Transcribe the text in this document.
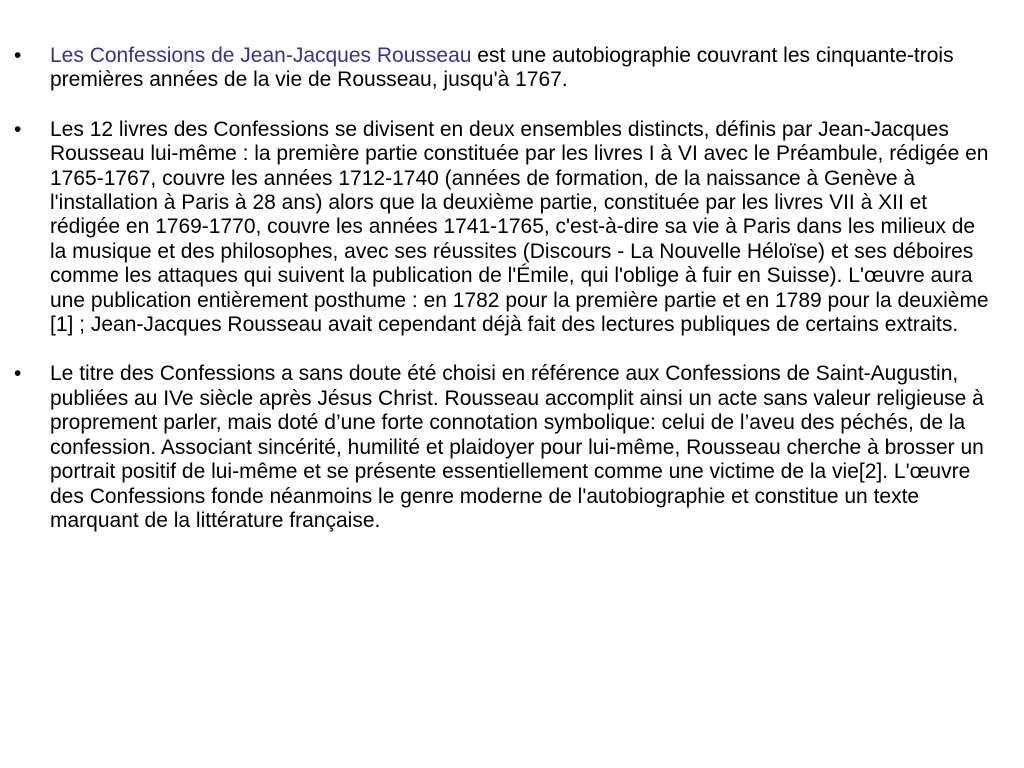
•	Les Confessions de Jean-Jacques Rousseau est une autobiographie couvrant les cinquante-trois premières années de la vie de Rousseau, jusqu'à 1767.
•	Les 12 livres des Confessions se divisent en deux ensembles distincts, définis par Jean-Jacques Rousseau lui-même : la première partie constituée par les livres I à VI avec le Préambule, rédigée en 1765-1767, couvre les années 1712-1740 (années de formation, de la naissance à Genève à l'installation à Paris à 28 ans) alors que la deuxième partie, constituée par les livres VII à XII et rédigée en 1769-1770, couvre les années 1741-1765, c'est-à-dire sa vie à Paris dans les milieux de la musique et des philosophes, avec ses réussites (Discours - La Nouvelle Héloïse) et ses déboires comme les attaques qui suivent la publication de l'Émile, qui l'oblige à fuir en Suisse). L'œuvre aura une publication entièrement posthume : en 1782 pour la première partie et en 1789 pour la deuxième [1] ; Jean-Jacques Rousseau avait cependant déjà fait des lectures publiques de certains extraits.
•	Le titre des Confessions a sans doute été choisi en référence aux Confessions de Saint-Augustin, publiées au IVe siècle après Jésus Christ. Rousseau accomplit ainsi un acte sans valeur religieuse à proprement parler, mais doté d’une forte connotation symbolique: celui de l’aveu des péchés, de la confession. Associant sincérité, humilité et plaidoyer pour lui-même, Rousseau cherche à brosser un portrait positif de lui-même et se présente essentiellement comme une victime de la vie[2]. L'œuvre des Confessions fonde néanmoins le genre moderne de l'autobiographie et constitue un texte marquant de la littérature française.
